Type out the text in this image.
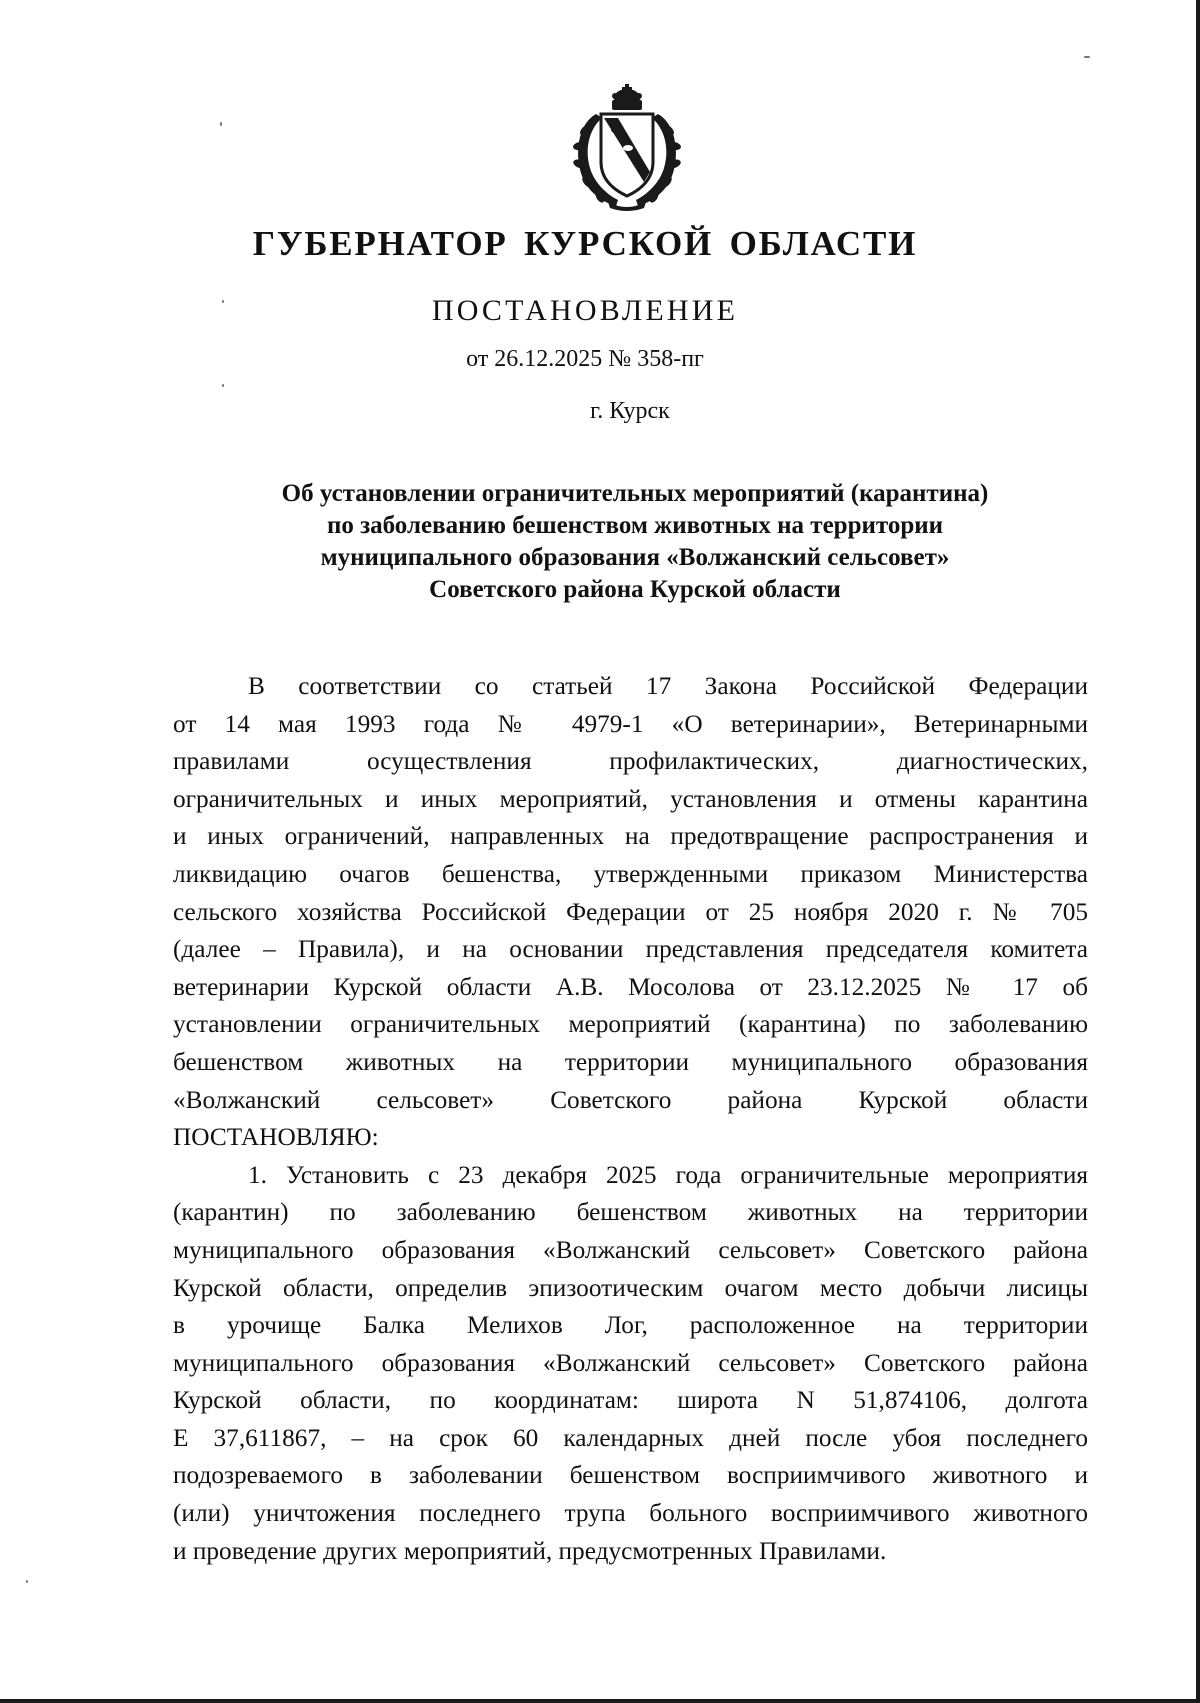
ГУБЕРНАТОР КУРСКОЙ ОБЛАСТИ
ПОСТАНОВЛЕНИЕ
от 26.12.2025 № 358-пг
г. Курск
Об установлении ограничительных мероприятий (карантина)
по заболеванию бешенством животных на территории
муниципального образования «Волжанский сельсовет»
Советского района Курской области
В соответствии со статьей 17 Закона Российской Федерации
от 14 мая 1993 года № 4979-1 «О ветеринарии», Ветеринарными
правилами осуществления профилактических, диагностических,
ограничительных и иных мероприятий, установления и отмены карантина
и иных ограничений, направленных на предотвращение распространения и
ликвидацию очагов бешенства, утвержденными приказом Министерства
сельского хозяйства Российской Федерации от 25 ноября 2020 г. № 705
(далее – Правила), и на основании представления председателя комитета
ветеринарии Курской области А.В. Мосолова от 23.12.2025 № 17 об
установлении ограничительных мероприятий (карантина) по заболеванию
бешенством животных на территории муниципального образования
«Волжанский сельсовет» Советского района Курской области
ПОСТАНОВЛЯЮ:
1. Установить с 23 декабря 2025 года ограничительные мероприятия
(карантин) по заболеванию бешенством животных на территории
муниципального образования «Волжанский сельсовет» Советского района
Курской области, определив эпизоотическим очагом место добычи лисицы
в урочище Балка Мелихов Лог, расположенное на территории
муниципального образования «Волжанский сельсовет» Советского района
Курской области, по координатам: широта N 51,874106, долгота
E 37,611867, – на срок 60 календарных дней после убоя последнего
подозреваемого в заболевании бешенством восприимчивого животного и
(или) уничтожения последнего трупа больного восприимчивого животного
и проведение других мероприятий, предусмотренных Правилами.
